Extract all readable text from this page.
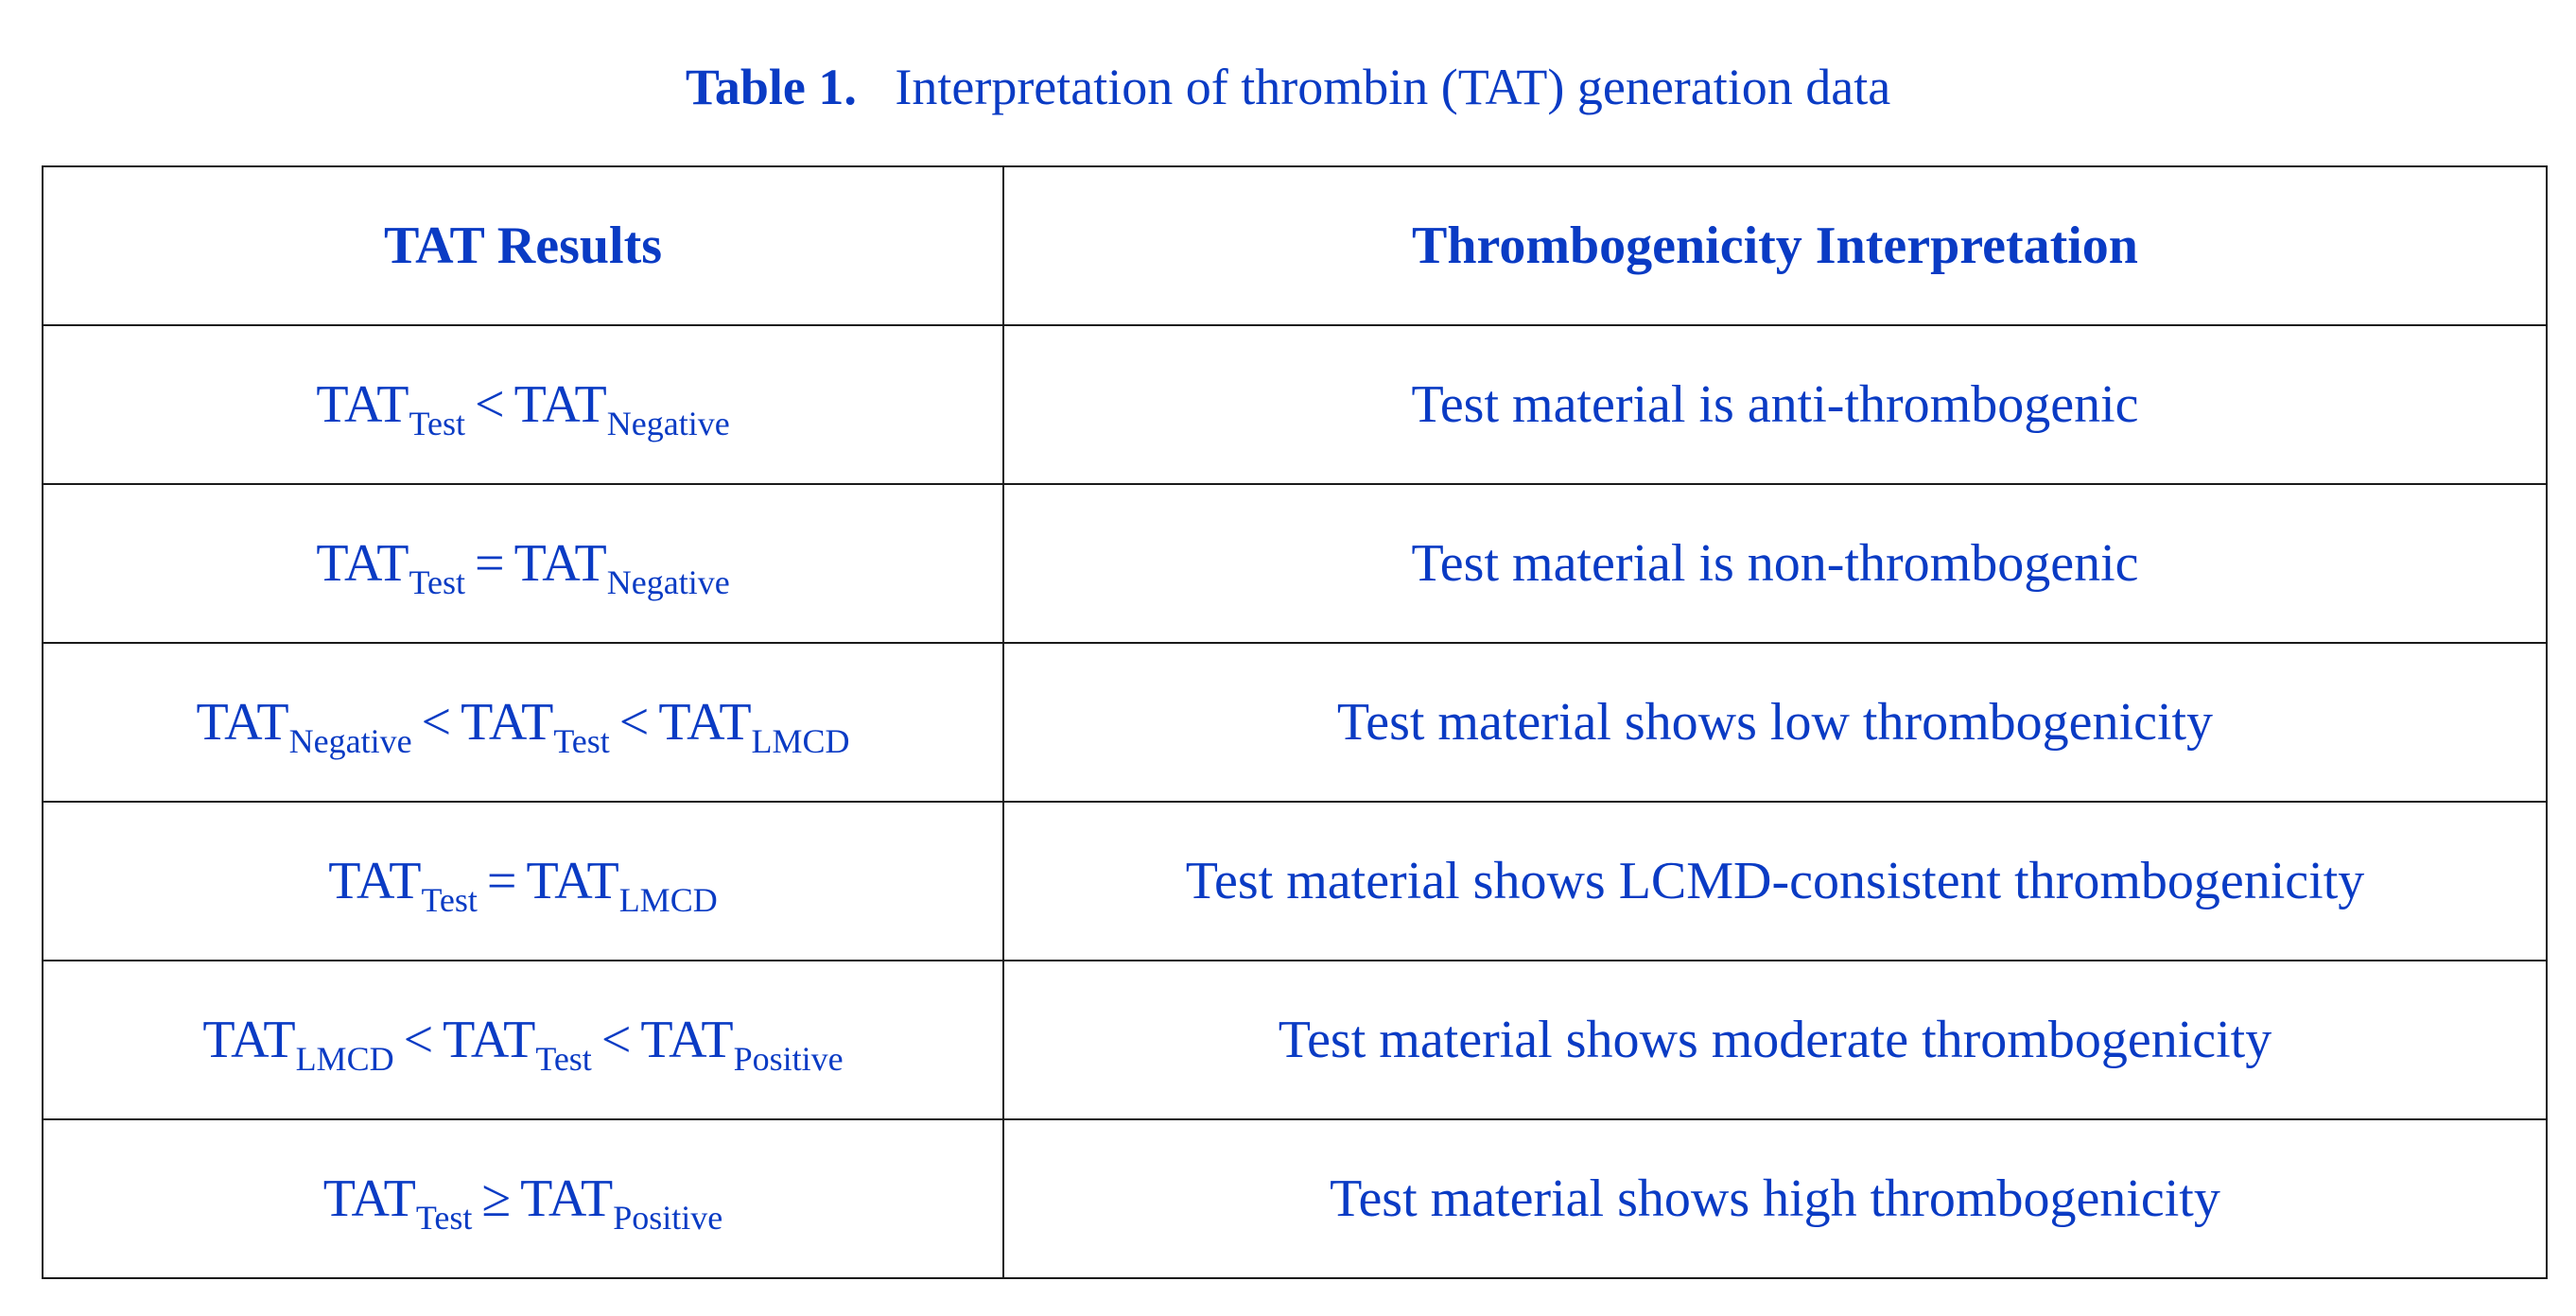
Table 1. Interpretation of thrombin (TAT) generation data
TAT Results	Thrombogenicity Interpretation
$TAT_{Test} < TAT_{Negative}$	Test material is anti-thrombogenic
$TAT_{Test} = TAT_{Negative}$	Test material is non-thrombogenic
$TAT_{Negative} < TAT_{Test} < TAT_{LMCD}$	Test material shows low thrombogenicity
$TAT_{Test} = TAT_{LMCD}$	Test material shows LCMD-consistent thrombogenicity
$TAT_{LMCD} < TAT_{Test} < TAT_{Positive}$	Test material shows moderate thrombogenicity
$TAT_{Test} \ge TAT_{Positive}$	Test material shows high thrombogenicity
